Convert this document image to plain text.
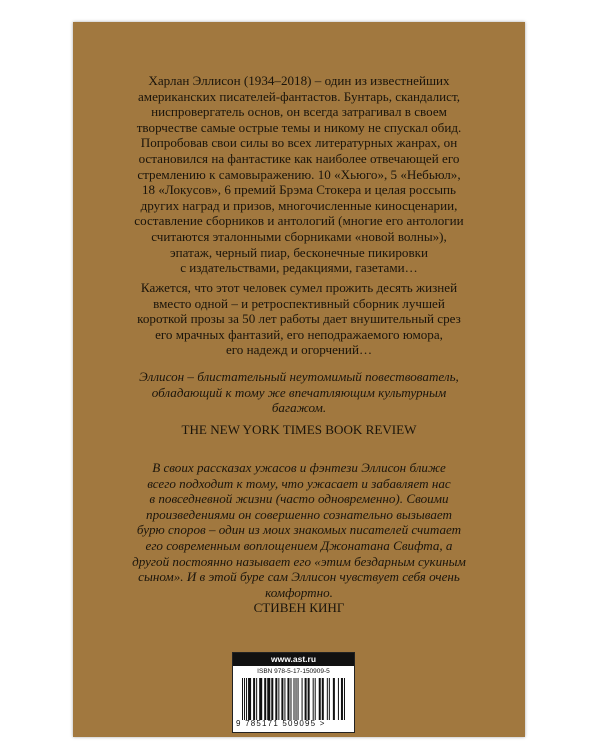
Харлан Эллисон (1934–2018) – один из известнейших
американских писателей-фантастов. Бунтарь, скандалист,
ниспровергатель основ, он всегда затрагивал в своем
творчестве самые острые темы и никому не спускал обид.
Попробовав свои силы во всех литературных жанрах, он
остановился на фантастике как наиболее отвечающей его
стремлению к самовыражению. 10 «Хьюго», 5 «Небьюл»,
18 «Локусов», 6 премий Брэма Стокера и целая россыпь
других наград и призов, многочисленные киносценарии,
составление сборников и антологий (многие его антологии
считаются эталонными сборниками «новой волны»),
эпатаж, черный пиар, бесконечные пикировки
с издательствами, редакциями, газетами…

Кажется, что этот человек сумел прожить десять жизней
вместо одной – и ретроспективный сборник лучшей
короткой прозы за 50 лет работы дает внушительный срез
его мрачных фантазий, его неподражаемого юмора,
его надежд и огорчений…

Эллисон – блистательный неутомимый повествователь,
обладающий к тому же впечатляющим культурным
багажом.

THE NEW YORK TIMES BOOK REVIEW

В своих рассказах ужасов и фэнтези Эллисон ближе
всего подходит к тому, что ужасает и забавляет нас
в повседневной жизни (часто одновременно). Своими
произведениями он совершенно сознательно вызывает
бурю споров – один из моих знакомых писателей считает
его современным воплощением Джонатана Свифта, а
другой постоянно называет его «этим бездарным сукиным
сыном». И в этой буре сам Эллисон чувствует себя очень
комфортно.

СТИВЕН КИНГ

www.ast.ru
ISBN 978-5-17-150909-5
9 785171 509095 >
